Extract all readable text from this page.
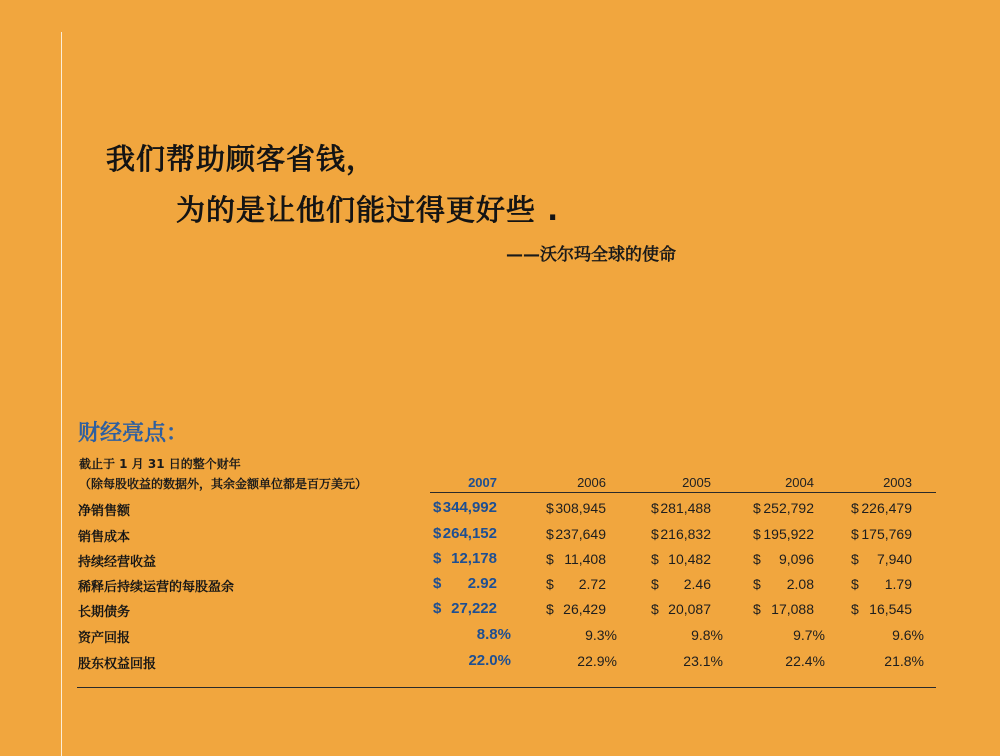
我们帮助顾客省钱，
为的是让他们能过得更好些 .
——沃尔玛全球的使命
财经亮点：
截止于 1 月 31 日的整个财年
（除每股收益的数据外，其余金额单位都是百万美元）	2007	2006	2005	2004	2003
净销售额	$ 344,992	$ 308,945	$ 281,488	$ 252,792	$ 226,479
销售成本	$ 264,152	$ 237,649	$ 216,832	$ 195,922	$ 175,769
持续经营收益	$ 12,178	$ 11,408	$ 10,482	$ 9,096	$ 7,940
稀释后持续运营的每股盈余	$ 2.92	$ 2.72	$ 2.46	$ 2.08	$ 1.79
长期债务	$ 27,222	$ 26,429	$ 20,087	$ 17,088	$ 16,545
资产回报	8.8%	9.3%	9.8%	9.7%	9.6%
股东权益回报	22.0%	22.9%	23.1%	22.4%	21.8%
